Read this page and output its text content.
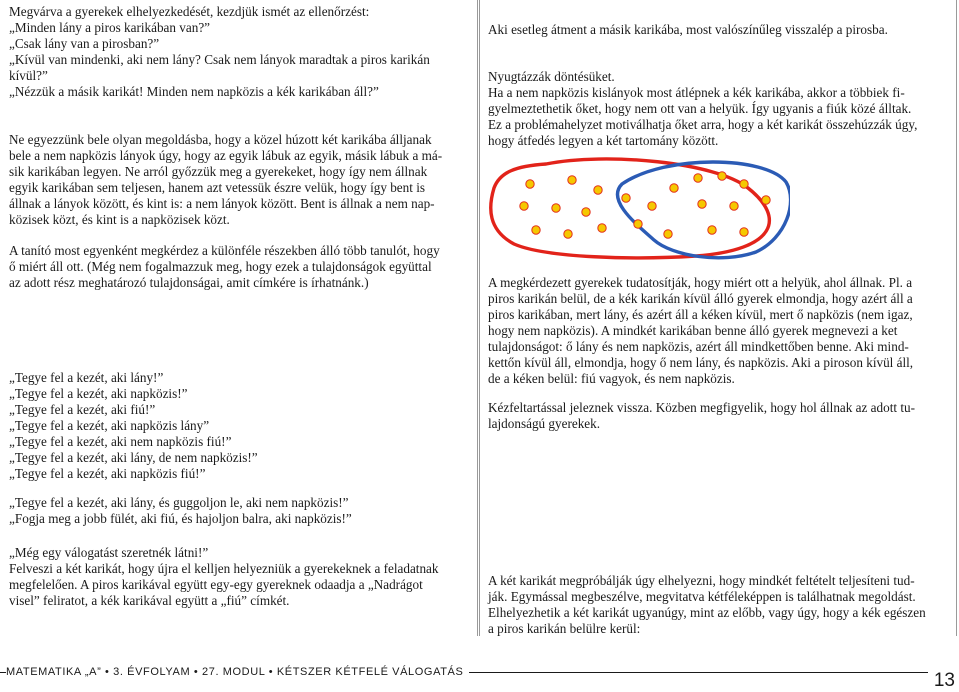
Megvárva a gyerekek elhelyezkedését, kezdjük ismét az ellenőrzést:
„Minden lány a piros karikában van?”
„Csak lány van a pirosban?”
„Kívül van mindenki, aki nem lány? Csak nem lányok maradtak a piros karikán
kívül?”
„Nézzük a másik karikát! Minden nem napközis a kék karikában áll?”

Ne egyezzünk bele olyan megoldásba, hogy a közel húzott két karikába álljanak
bele a nem napközis lányok úgy, hogy az egyik lábuk az egyik, másik lábuk a má-
sik karikában legyen. Ne arról győzzük meg a gyerekeket, hogy így nem állnak
egyik karikában sem teljesen, hanem azt vetessük észre velük, hogy így bent is
állnak a lányok között, és kint is: a nem lányok között. Bent is állnak a nem nap-
közisek közt, és kint is a napközisek közt.

A tanító most egyenként megkérdez a különféle részekben álló több tanulót, hogy
ő miért áll ott. (Még nem fogalmazzuk meg, hogy ezek a tulajdonságok együttal
az adott rész meghatározó tulajdonságai, amit címkére is írhatnánk.)

„Tegye fel a kezét, aki lány!”
„Tegye fel a kezét, aki napközis!”
„Tegye fel a kezét, aki fiú!”
„Tegye fel a kezét, aki napközis lány”
„Tegye fel a kezét, aki nem napközis fiú!”
„Tegye fel a kezét, aki lány, de nem napközis!”
„Tegye fel a kezét, aki napközis fiú!”

„Tegye fel a kezét, aki lány, és guggoljon le, aki nem napközis!”
„Fogja meg a jobb fülét, aki fiú, és hajoljon balra, aki napközis!”

„Még egy válogatást szeretnék látni!”
Felveszi a két karikát, hogy újra el kelljen helyezniük a gyerekeknek a feladatnak
megfelelően. A piros karikával együtt egy-egy gyereknek odaadja a „Nadrágot
visel” feliratot, a kék karikával együtt a „fiú” címkét.

Aki esetleg átment a másik karikába, most valószínűleg visszalép a pirosba.

Nyugtázzák döntésüket.
Ha a nem napközis kislányok most átlépnek a kék karikába, akkor a többiek fi-
gyelmeztethetik őket, hogy nem ott van a helyük. Így ugyanis a fiúk közé álltak.
Ez a problémahelyzet motiválhatja őket arra, hogy a két karikát összehúzzák úgy,
hogy átfedés legyen a két tartomány között.

A megkérdezett gyerekek tudatosítják, hogy miért ott a helyük, ahol állnak. Pl. a
piros karikán belül, de a kék karikán kívül álló gyerek elmondja, hogy azért áll a
piros karikában, mert lány, és azért áll a kéken kívül, mert ő napközis (nem igaz,
hogy nem napközis). A mindkét karikában benne álló gyerek megnevezi a ket
tulajdonságot: ő lány és nem napközis, azért áll mindkettőben benne. Aki mind-
kettőn kívül áll, elmondja, hogy ő nem lány, és napközis. Aki a piroson kívül áll,
de a kéken belül: fiú vagyok, és nem napközis.

Kézfeltartással jeleznek vissza. Közben megfigyelik, hogy hol állnak az adott tu-
lajdonságú gyerekek.

A két karikát megpróbálják úgy elhelyezni, hogy mindkét feltételt teljesíteni tud-
ják. Egymással megbeszélve, megvitatva kétféleképpen is találhatnak megoldást.
Elhelyezhetik a két karikát ugyanúgy, mint az előbb, vagy úgy, hogy a kék egészen
a piros karikán belülre kerül:

MATEMATIKA „A” • 3. ÉVFOLYAM • 27. MODUL • KÉTSZER KÉTFELÉ VÁLOGATÁS	13
